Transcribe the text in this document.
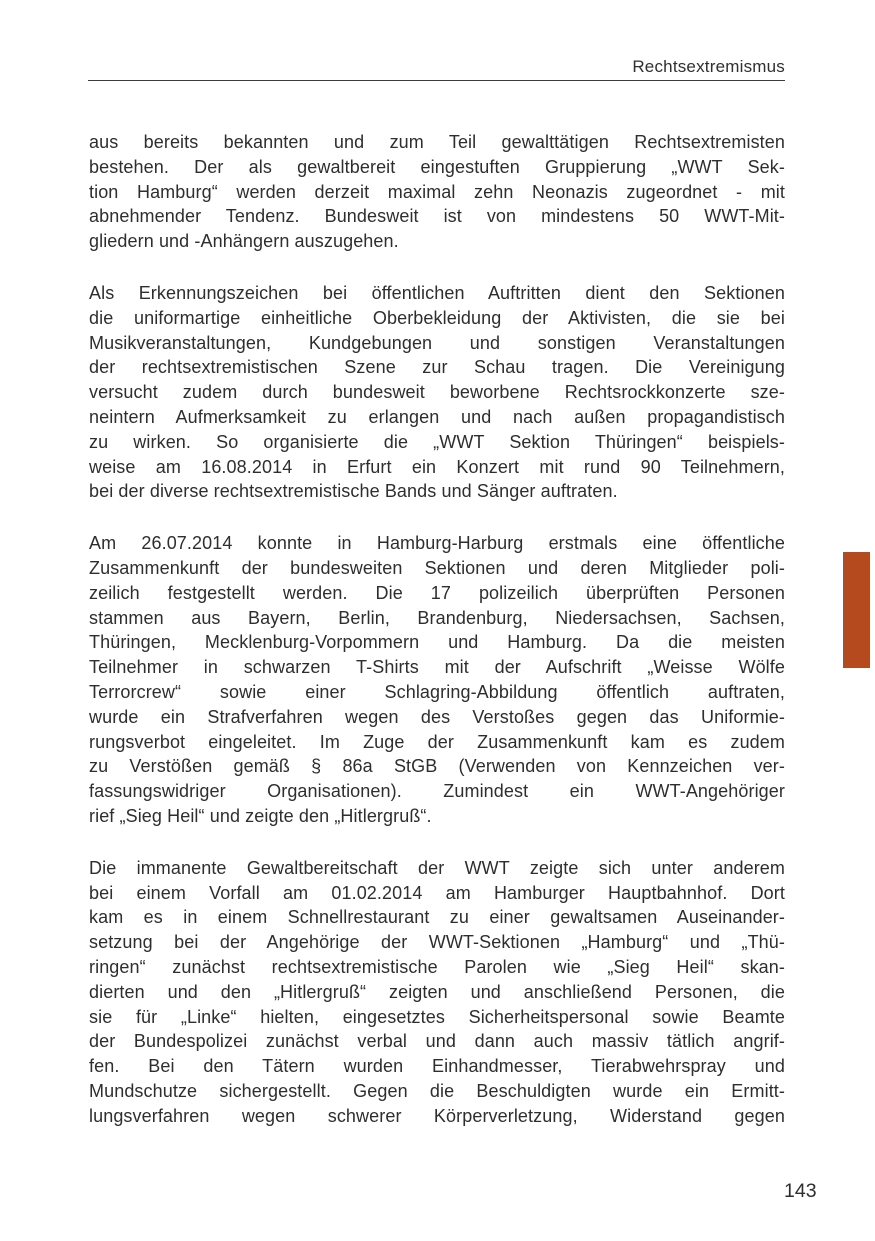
Rechtsextremismus
aus bereits bekannten und zum Teil gewalttätigen Rechtsextremisten
bestehen. Der als gewaltbereit eingestuften Gruppierung „WWT Sek-
tion Hamburg“ werden derzeit maximal zehn Neonazis zugeordnet - mit
abnehmender Tendenz. Bundesweit ist von mindestens 50 WWT-Mit-
gliedern und -Anhängern auszugehen.
Als Erkennungszeichen bei öffentlichen Auftritten dient den Sektionen
die uniformartige einheitliche Oberbekleidung der Aktivisten, die sie bei
Musikveranstaltungen, Kundgebungen und sonstigen Veranstaltungen
der rechtsextremistischen Szene zur Schau tragen. Die Vereinigung
versucht zudem durch bundesweit beworbene Rechtsrockkonzerte sze-
neintern Aufmerksamkeit zu erlangen und nach außen propagandistisch
zu wirken. So organisierte die „WWT Sektion Thüringen“ beispiels-
weise am 16.08.2014 in Erfurt ein Konzert mit rund 90 Teilnehmern,
bei der diverse rechtsextremistische Bands und Sänger auftraten.
Am 26.07.2014 konnte in Hamburg-Harburg erstmals eine öffentliche
Zusammenkunft der bundesweiten Sektionen und deren Mitglieder poli-
zeilich festgestellt werden. Die 17 polizeilich überprüften Personen
stammen aus Bayern, Berlin, Brandenburg, Niedersachsen, Sachsen,
Thüringen, Mecklenburg-Vorpommern und Hamburg. Da die meisten
Teilnehmer in schwarzen T-Shirts mit der Aufschrift „Weisse Wölfe
Terrorcrew“ sowie einer Schlagring-Abbildung öffentlich auftraten,
wurde ein Strafverfahren wegen des Verstoßes gegen das Uniformie-
rungsverbot eingeleitet. Im Zuge der Zusammenkunft kam es zudem
zu Verstößen gemäß § 86a StGB (Verwenden von Kennzeichen ver-
fassungswidriger Organisationen). Zumindest ein WWT-Angehöriger
rief „Sieg Heil“ und zeigte den „Hitlergruß“.
Die immanente Gewaltbereitschaft der WWT zeigte sich unter anderem
bei einem Vorfall am 01.02.2014 am Hamburger Hauptbahnhof. Dort
kam es in einem Schnellrestaurant zu einer gewaltsamen Auseinander-
setzung bei der Angehörige der WWT-Sektionen „Hamburg“ und „Thü-
ringen“ zunächst rechtsextremistische Parolen wie „Sieg Heil“ skan-
dierten und den „Hitlergruß“ zeigten und anschließend Personen, die
sie für „Linke“ hielten, eingesetztes Sicherheitspersonal sowie Beamte
der Bundespolizei zunächst verbal und dann auch massiv tätlich angrif-
fen. Bei den Tätern wurden Einhandmesser, Tierabwehrspray und
Mundschutze sichergestellt. Gegen die Beschuldigten wurde ein Ermitt-
lungsverfahren wegen schwerer Körperverletzung, Widerstand gegen
143
